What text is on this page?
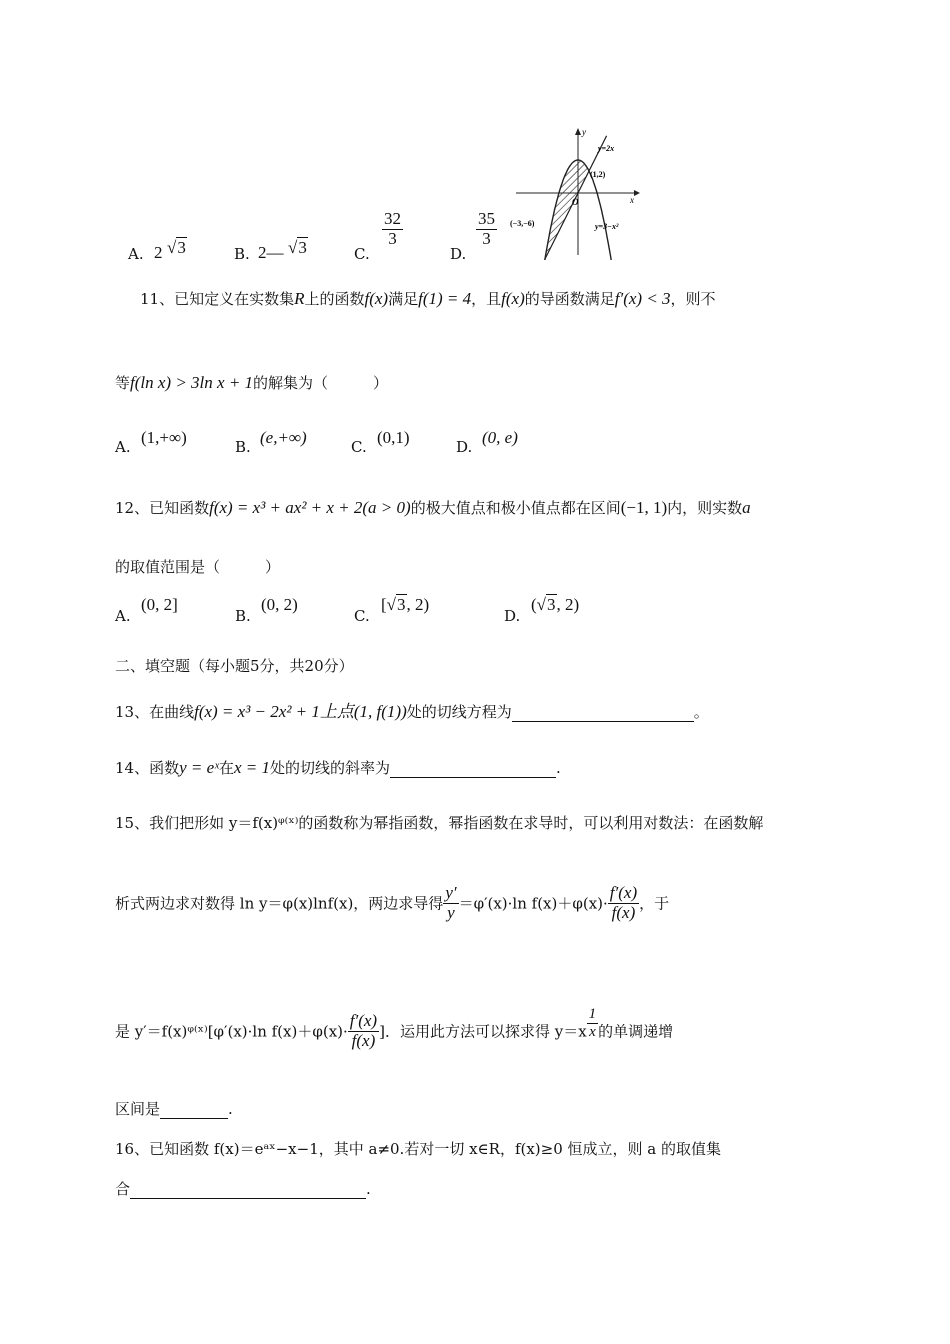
A. 2 √3	B. 2— √3	C.
$\frac{32}{3}$
D.
$\frac{35}{3}$
y
x
O
y=2x
(1,2)
(−3,−6)	y=3−x²
11、已知定义在实数集R上的函数f(x)满足f(1) = 4，且f(x)的导函数满足f′(x) < 3，则不
等f(ln x) > 3ln x + 1的解集为（　　　）
A. (1,+∞)	B. (e,+∞)	C. (0,1)	D. (0, e)
12、已知函数f(x) = x³ + ax² + x + 2(a > 0)的极大值点和极小值点都在区间(−1, 1)内，则实数a
的取值范围是（　　　）
A.
(0, 2]
B.
(0, 2)
C.
[√3, 2)
D.
(√3, 2)
二、填空题（每小题5分，共20分）
13、在曲线f(x) = x³ − 2x² + 1上点(1, f(1))处的切线方程为	。
14、函数y = eˣ在x = 1处的切线的斜率为	.
15、我们把形如 y＝f(x)ᵠ⁽ˣ⁾的函数称为幂指函数，幂指函数在求导时，可以利用对数法：在函数解
析式两边求对数得 ln y＝φ(x)lnf(x)，两边求导得 $\frac{y'}{y} =\varphi'(x)\cdot\ln$ $f(x)+\varphi(x)\cdot \frac{f'(x)}{f(x)}$ ，于
是 y′＝f(x)ᵠ⁽ˣ⁾[φ′(x)·ln $f(x)+\varphi(x)\cdot \frac{f'(x)}{f(x)}$ ]．运用此方法可以探求得 $y=x \frac{1}{x}$ 的单调递增
区间是	.
16、已知函数 f(x)＝eᵃˣ−x−1，其中 a≠0.若对一切 x∈R，f(x)≥0 恒成立，则 a 的取值集
合	.
